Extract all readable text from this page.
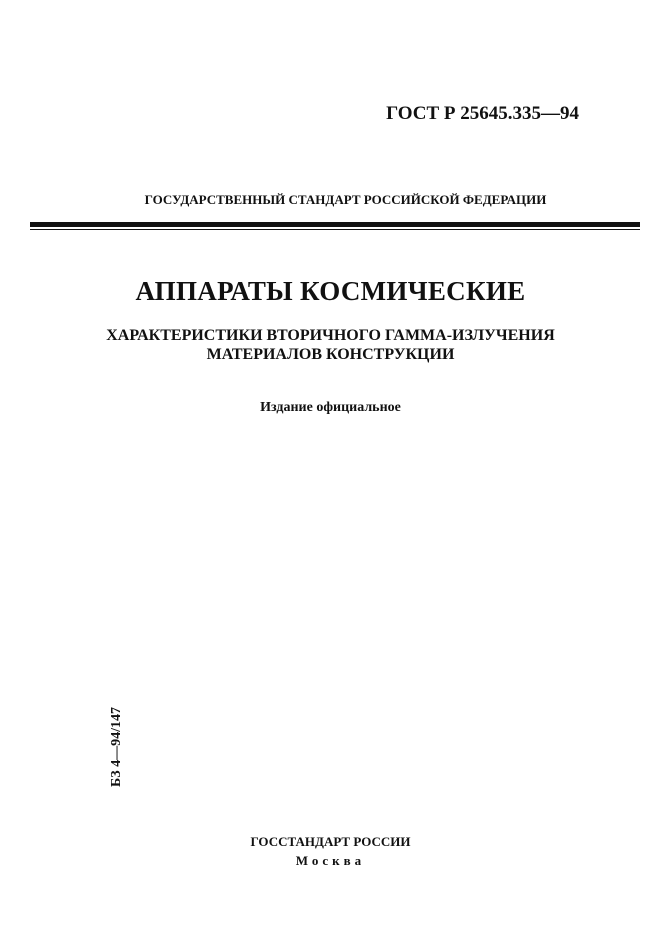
ГОСТ Р 25645.335—94
ГОСУДАРСТВЕННЫЙ СТАНДАРТ РОССИЙСКОЙ ФЕДЕРАЦИИ
АППАРАТЫ КОСМИЧЕСКИЕ
ХАРАКТЕРИСТИКИ ВТОРИЧНОГО ГАММА-ИЗЛУЧЕНИЯ
МАТЕРИАЛОВ КОНСТРУКЦИИ
Издание официальное
БЗ 4—94/147
ГОССТАНДАРТ РОССИИ
Москва
